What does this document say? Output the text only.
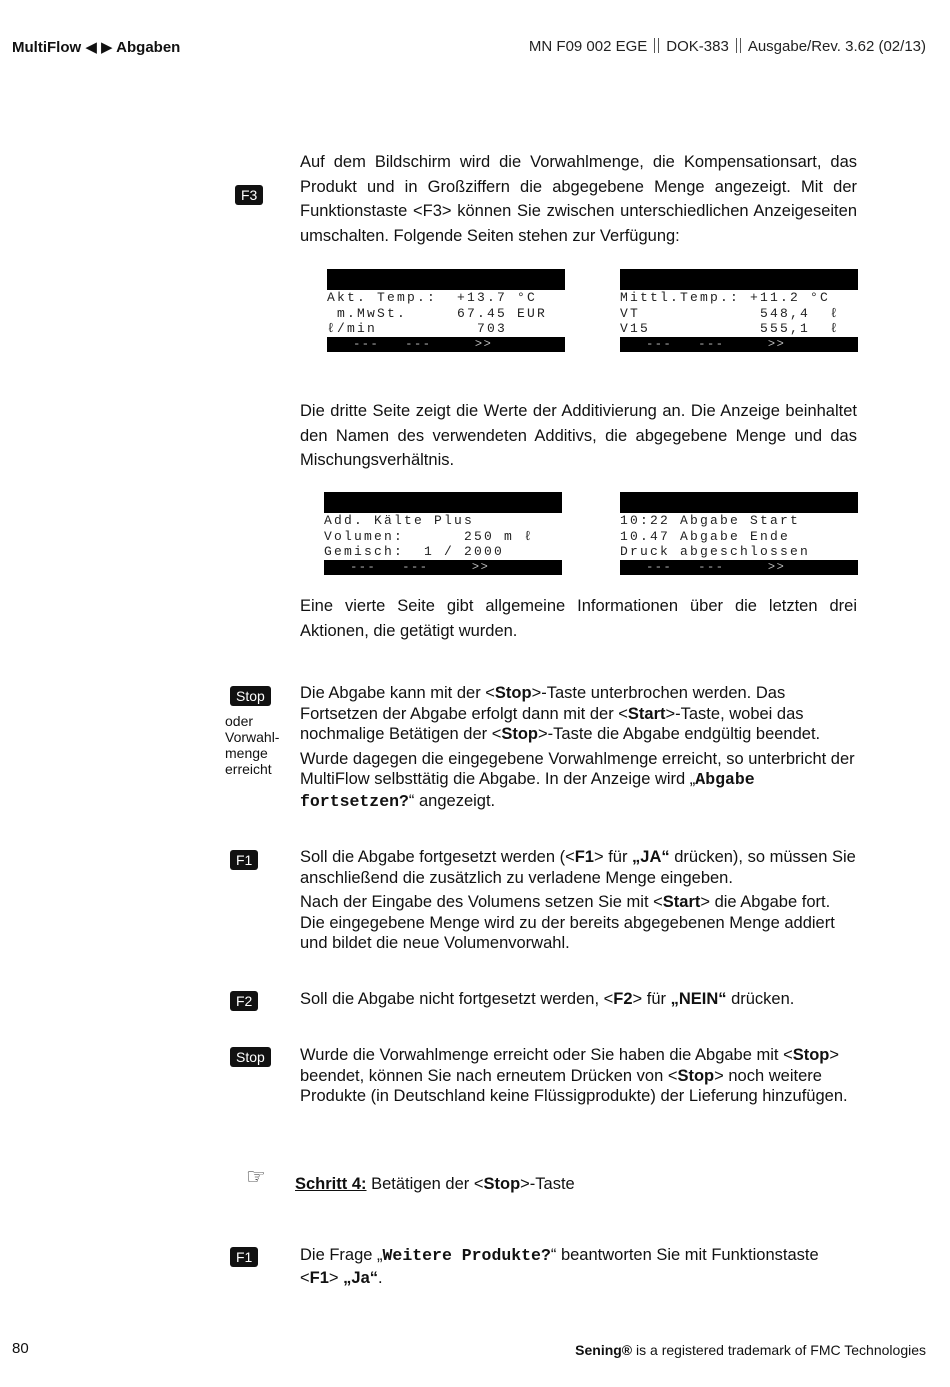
MultiFlow ◀ ▶ Abgaben	MN F09 002 EGE DOK-383 Ausgabe/Rev. 3.62 (02/13)
F3
Auf dem Bildschirm wird die Vorwahlmenge, die Kompensationsart, das Produkt und in Großziffern die abgegebene Menge angezeigt. Mit der Funktionstaste <F3> können Sie zwischen unterschiedlichen Anzeigeseiten umschalten. Folgende Seiten stehen zur Verfügung:
Akt. Temp.:  +13.7 °C
m.MwSt.     67.45 EUR
ℓ/min          703
---   ---     >>
Mittl.Temp.: +11.2 °C
VT            548,4  ℓ
V15           555,1  ℓ
---   ---     >>
Die dritte Seite zeigt die Werte der Additivierung an. Die Anzeige beinhaltet den Namen des verwendeten Additivs, die abgegebene Menge und das Mischungsverhältnis.
Add. Kälte Plus
Volumen:      250 m ℓ
Gemisch:  1 / 2000
---   ---     >>
10:22 Abgabe Start
10.47 Abgabe Ende
Druck abgeschlossen
---   ---     >>
Eine vierte Seite gibt allgemeine Informationen über die letzten drei Aktionen, die getätigt wurden.
Stop
oder
Vorwahl-
menge
erreicht

Die Abgabe kann mit der <Stop>-Taste unterbrochen werden. Das Fortsetzen der Abgabe erfolgt dann mit der <Start>-Taste, wobei das nochmalige Betätigen der <Stop>-Taste die Abgabe endgültig beendet.

Wurde dagegen die eingegebene Vorwahlmenge erreicht, so unterbricht der MultiFlow selbsttätig die Abgabe. In der Anzeige wird „Abgabe fortsetzen?“ angezeigt.

F1	Soll die Abgabe fortgesetzt werden (<F1> für „JA“ drücken), so müssen Sie anschließend die zusätzlich zu verladene Menge eingeben.

Nach der Eingabe des Volumens setzen Sie mit <Start> die Abgabe fort. Die eingegebene Menge wird zu der bereits abgegebenen Menge addiert und bildet die neue Volumenvorwahl.

F2	Soll die Abgabe nicht fortgesetzt werden, <F2> für „NEIN“ drücken.

Stop	Wurde die Vorwahlmenge erreicht oder Sie haben die Abgabe mit <Stop> beendet, können Sie nach erneutem Drücken von <Stop> noch weitere Produkte (in Deutschland keine Flüssigprodukte) der Lieferung hinzufügen.

☞ Schritt 4: Betätigen der <Stop>-Taste
F1	Die Frage „Weitere Produkte?“ beantworten Sie mit Funktionstaste <F1> „Ja“.

80	Sening® is a registered trademark of FMC Technologies
